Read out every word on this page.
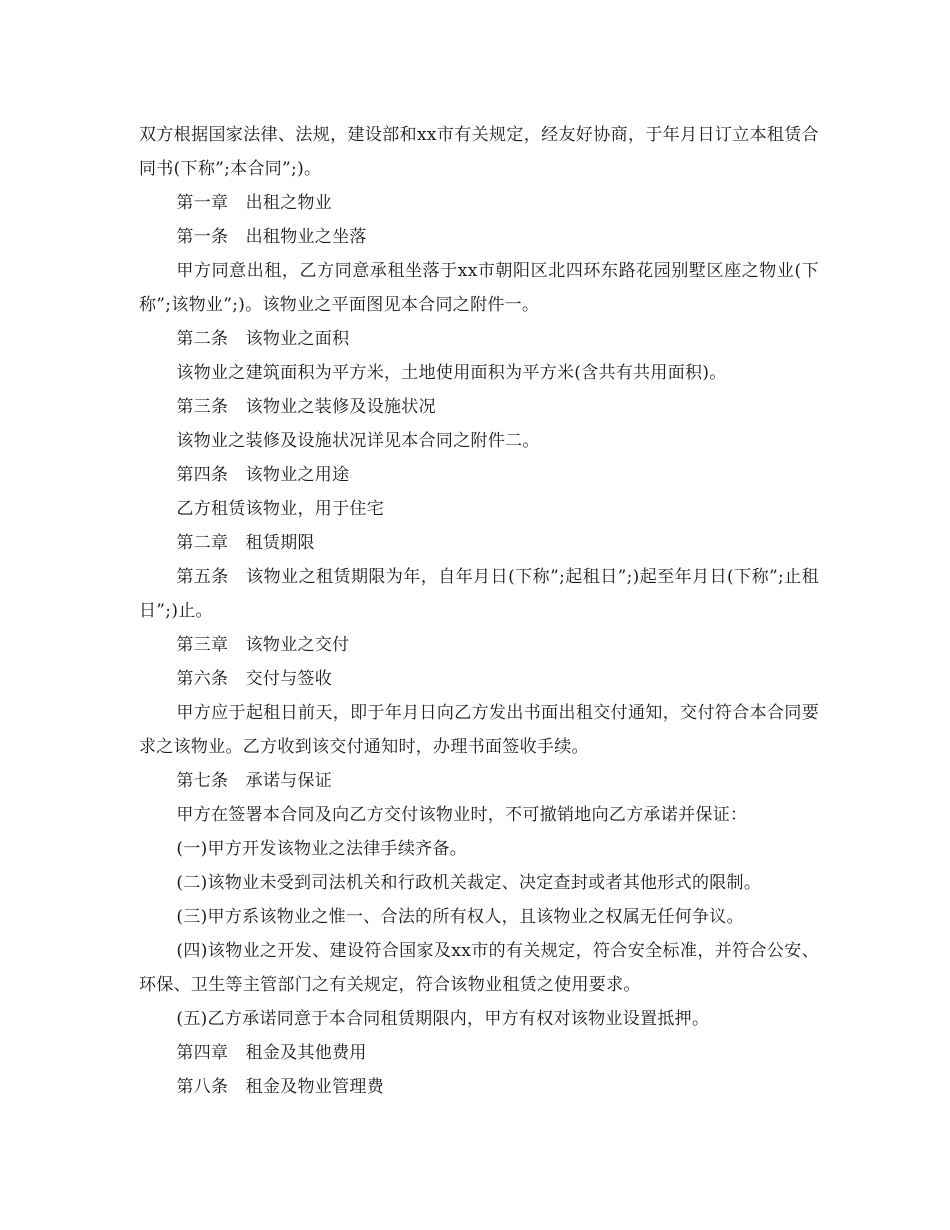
双方根据国家法律、法规，建设部和xx市有关规定，经友好协商，于年月日订立本租赁合同书(下称”;本合同”;)。

第一章　出租之物业

第一条　出租物业之坐落

甲方同意出租，乙方同意承租坐落于xx市朝阳区北四环东路花园别墅区座之物业(下称”;该物业”;)。该物业之平面图见本合同之附件一。

第二条　该物业之面积

该物业之建筑面积为平方米，土地使用面积为平方米(含共有共用面积)。

第三条　该物业之装修及设施状况

该物业之装修及设施状况详见本合同之附件二。

第四条　该物业之用途

乙方租赁该物业，用于住宅

第二章　租赁期限

第五条　该物业之租赁期限为年，自年月日(下称”;起租日”;)起至年月日(下称”;止租日”;)止。

第三章　该物业之交付

第六条　交付与签收

甲方应于起租日前天，即于年月日向乙方发出书面出租交付通知，交付符合本合同要求之该物业。乙方收到该交付通知时，办理书面签收手续。

第七条　承诺与保证

甲方在签署本合同及向乙方交付该物业时，不可撤销地向乙方承诺并保证：

(一)甲方开发该物业之法律手续齐备。

(二)该物业未受到司法机关和行政机关裁定、决定查封或者其他形式的限制。

(三)甲方系该物业之惟一、合法的所有权人，且该物业之权属无任何争议。

(四)该物业之开发、建设符合国家及xx市的有关规定，符合安全标准，并符合公安、环保、卫生等主管部门之有关规定，符合该物业租赁之使用要求。

(五)乙方承诺同意于本合同租赁期限内，甲方有权对该物业设置抵押。

第四章　租金及其他费用

第八条　租金及物业管理费
